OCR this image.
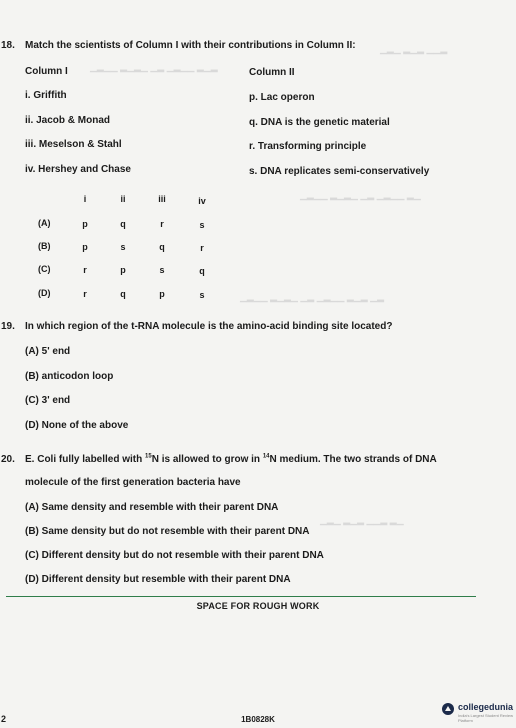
▁▂▁ ▂▁▂ ▁▁▂
▁▂▁▁ ▂▁▂▁ ▁▂ ▁▂▁▁ ▂▁▂
▁▂▁▁ ▂▁▂▁ ▁▂ ▁▂▁▁ ▂▁
▁▂▁▁ ▂▁▂▁ ▁▂ ▁▂▁▁ ▂▁▂ ▁▂
▁▂▁ ▂▁▂ ▁▁▂ ▂▁
18. Match the scientists of Column I with their contributions in Column II:
Column I	Column II
i. Griffith	p. Lac operon
ii. Jacob & Monad	q. DNA is the genetic material
iii. Meselson & Stahl	r. Transforming principle
iv. Hershey and Chase	s. DNA replicates semi-conservatively
i	ii	iii	iv
(A)	p	q	r	s
(B)	p	s	q	r
(C)	r	p	s	q
(D)	r	q	p	s
19. In which region of the t-RNA molecule is the amino-acid binding site located?
(A) 5' end
(B) anticodon loop
(C) 3' end
(D) None of the above
20. E. Coli fully labelled with $^{15}$N is allowed to grow in $^{14}$N medium. The two strands of DNA
molecule of the first generation bacteria have
(A) Same density and resemble with their parent DNA
(B) Same density but do not resemble with their parent DNA
(C) Different density but do not resemble with their parent DNA
(D) Different density but resemble with their parent DNA
SPACE FOR ROUGH WORK
2	1B0828K
collegedunia
India's Largest Student Review Platform
